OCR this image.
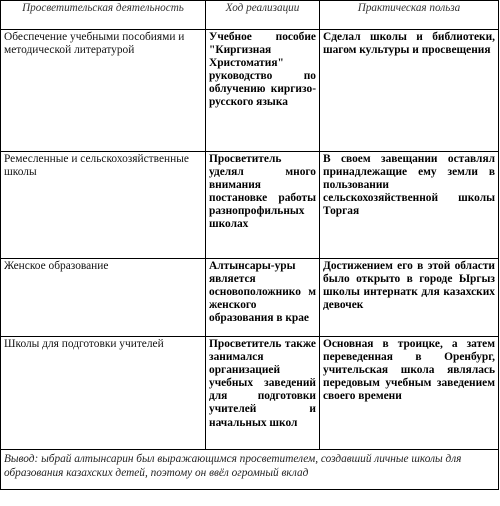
Просветительская деятельность	Ход реализации	Практическая польза
Обеспечение учебными пособиями и методической литературой	Учебное пособие "Киргизная Христоматия" руководство по облучению киргизо-русского языка	Сделал школы и библиотеки, шагом культуры и просвещения
Ремесленные и сельскохозяйственные школы	Просветитель уделял много внимания постановке работы разнопрофильных школах	В своем завещании оставлял принадлежащие ему земли в пользовании сельскохозяйственной школы Торгая
Женское образование	Алтынсары-уры является основоположнико м женского образования в крае	Достижением его в этой области было открыто в городе Ыргыз школы интернатк для казахских девочек
Школы для подготовки учителей	Просветитель также занимался организацией учебных заведений для подготовки учителей и начальных школ	Основная в троицке, а затем переведенная в Оренбург, учительская школа являлась передовым учебным заведением своего времени
Вывод: ыбрай алтынсарин был выражающимся просветителем, создавший личные школы для образования казахских детей, поэтому он ввёл огромный вклад		
